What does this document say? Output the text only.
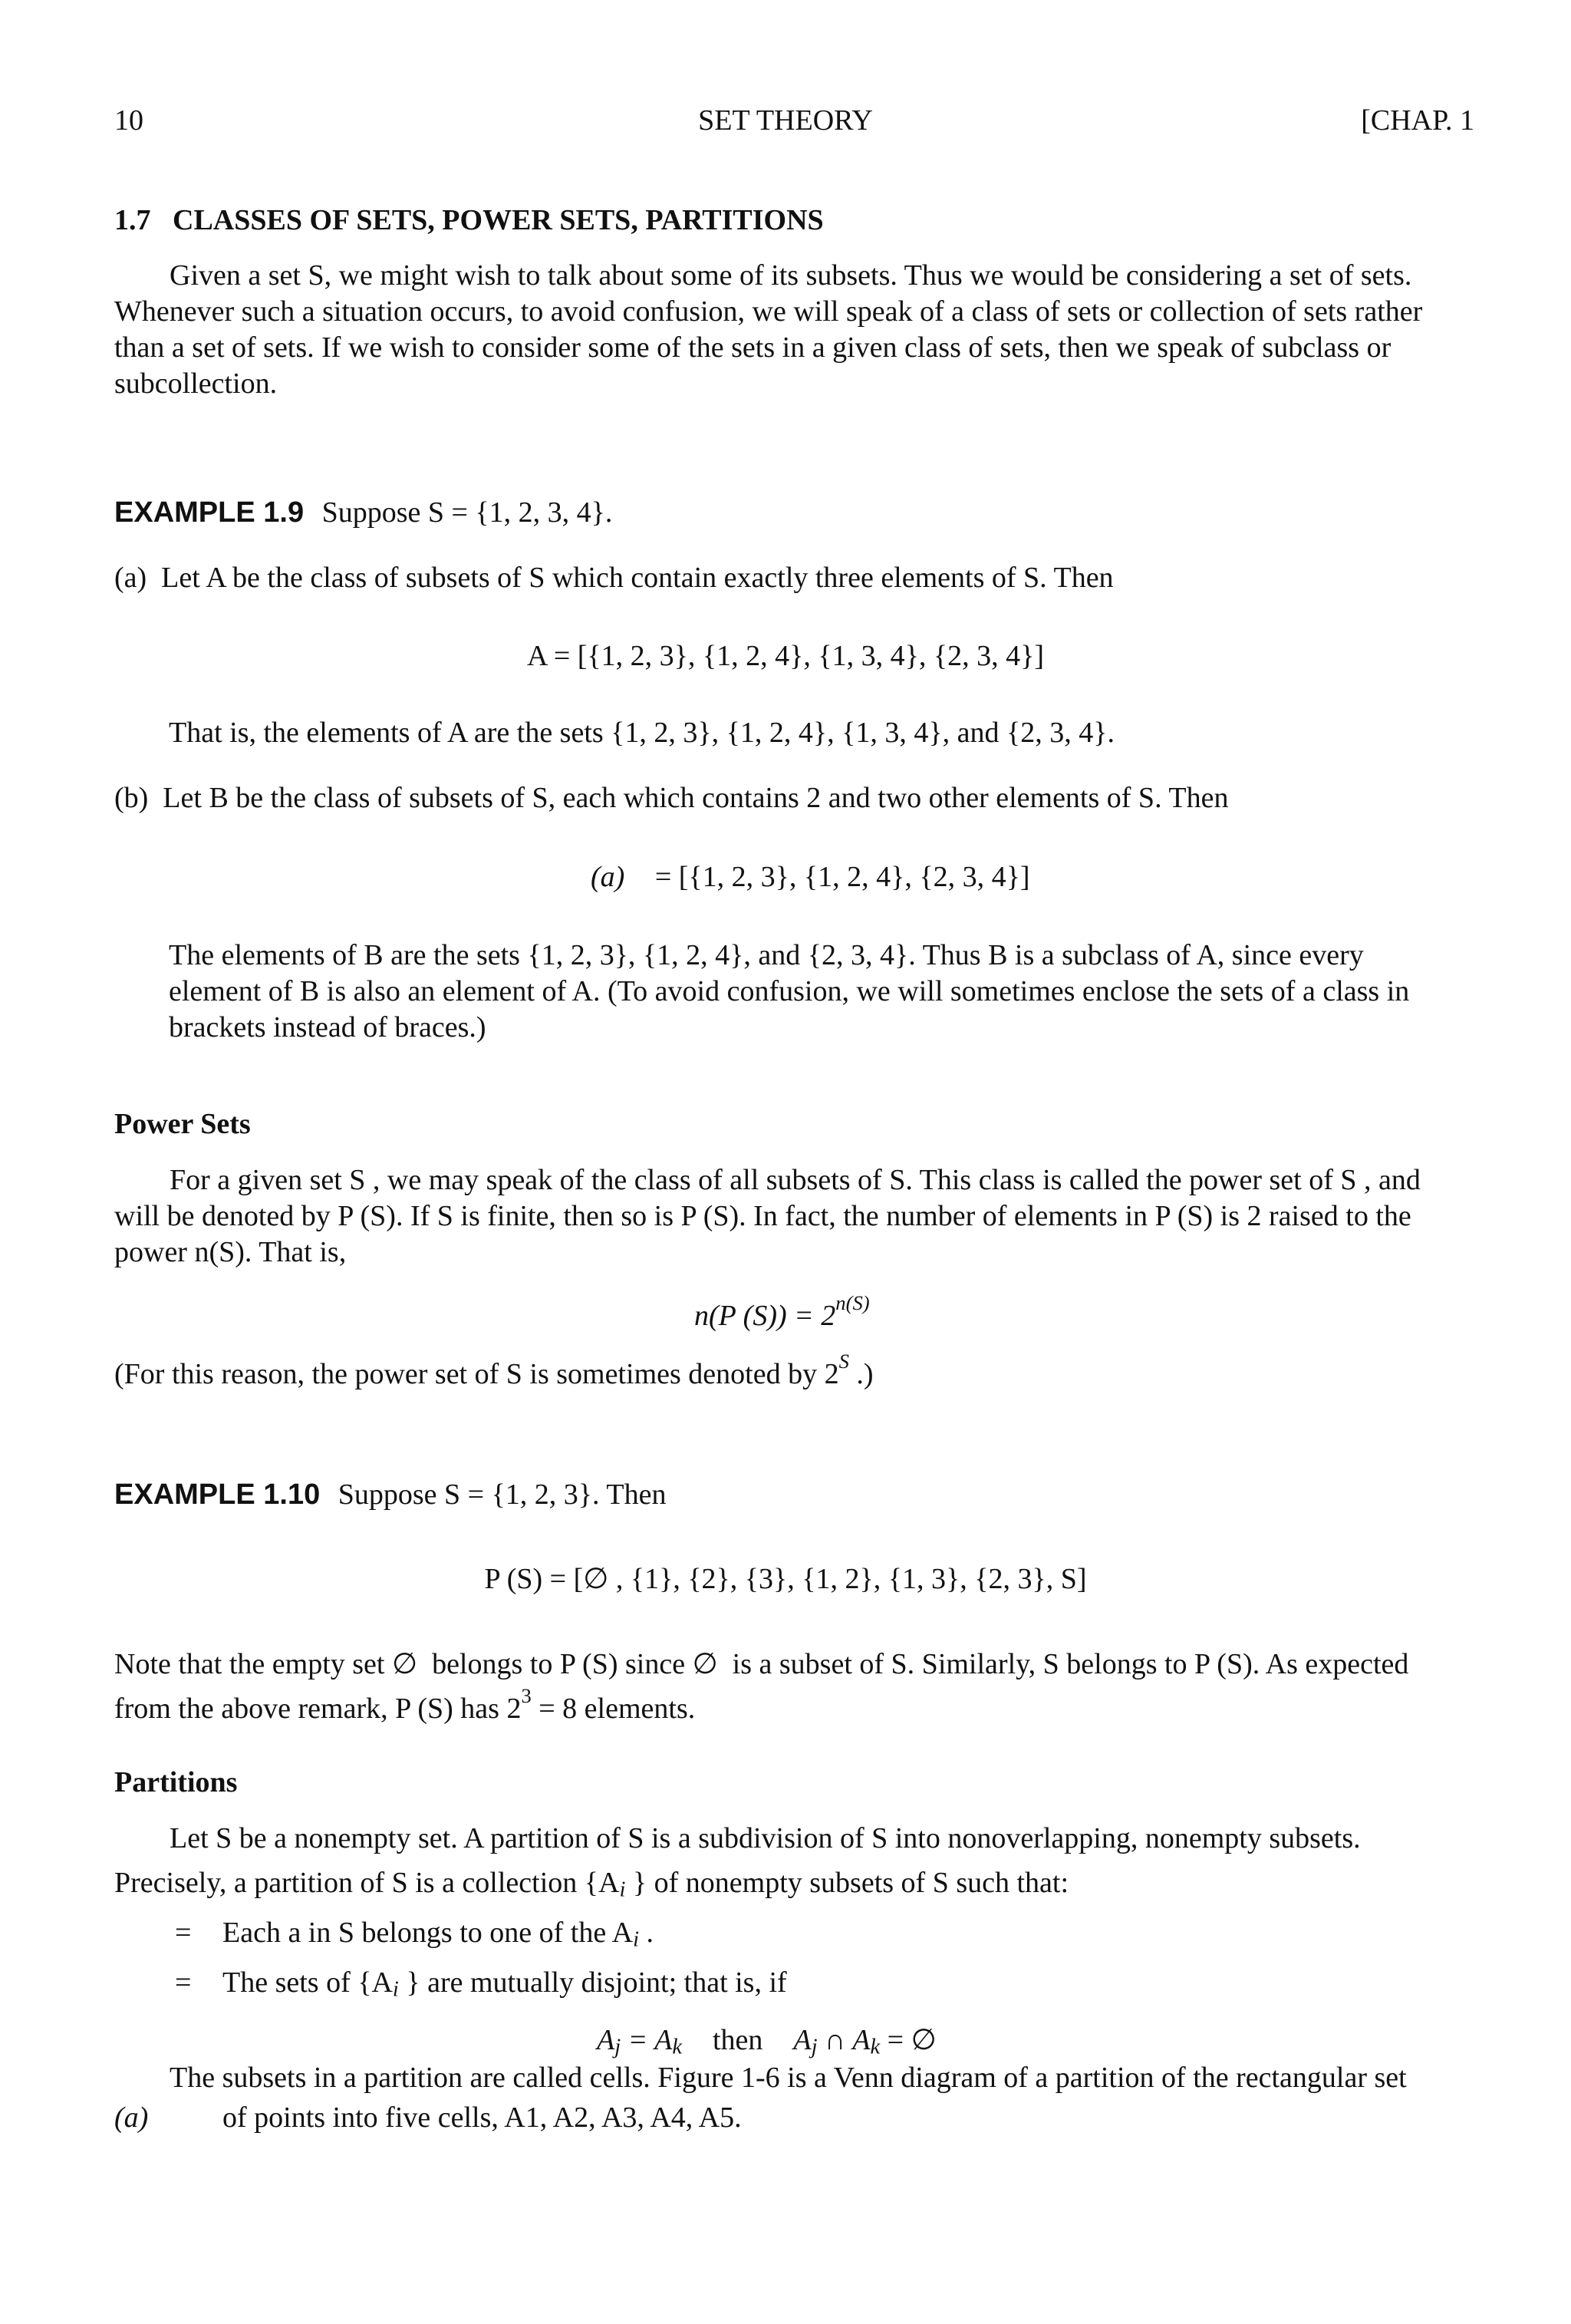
10	SET THEORY	[CHAP. 1
1.7   CLASSES OF SETS, POWER SETS, PARTITIONS
Given a set S, we might wish to talk about some of its subsets. Thus we would be considering a set of sets.
Whenever such a situation occurs, to avoid confusion, we will speak of a class of sets or collection of sets rather
than a set of sets. If we wish to consider some of the sets in a given class of sets, then we speak of subclass or
subcollection.
EXAMPLE 1.9 Suppose S = {1, 2, 3, 4}.
(a)  Let A be the class of subsets of S which contain exactly three elements of S. Then
A = [{1, 2, 3}, {1, 2, 4}, {1, 3, 4}, {2, 3, 4}]
That is, the elements of A are the sets {1, 2, 3}, {1, 2, 4}, {1, 3, 4}, and {2, 3, 4}.
(b)  Let B be the class of subsets of S, each which contains 2 and two other elements of S. Then
(a) = [{1, 2, 3}, {1, 2, 4}, {2, 3, 4}]
The elements of B are the sets {1, 2, 3}, {1, 2, 4}, and {2, 3, 4}. Thus B is a subclass of A, since every
element of B is also an element of A. (To avoid confusion, we will sometimes enclose the sets of a class in
brackets instead of braces.)
Power Sets
For a given set S , we may speak of the class of all subsets of S. This class is called the power set of S , and
will be denoted by P (S). If S is finite, then so is P (S). In fact, the number of elements in P (S) is 2 raised to the
power n(S). That is,
n(P $(S)) = 2^{n(S)}$
(For this reason, the power set of S is sometimes denoted by $2^S$ .)
EXAMPLE 1.10 Suppose S = {1, 2, 3}. Then
P (S) = [∅ , {1}, {2}, {3}, {1, 2}, {1, 3}, {2, 3}, S]
Note that the empty set ∅  belongs to P (S) since ∅  is a subset of S. Similarly, S belongs to P (S). As expected
from the above remark, P (S) has $2^3 = 8$ elements.
Partitions
Let S be a nonempty set. A partition of S is a subdivision of S into nonoverlapping, nonempty subsets.
Precisely, a partition of S is a collection {$A_i$ } of nonempty subsets of S such that:
= Each a in S belongs to one of the $A_i$ .
= The sets of {$A_i$ } are mutually disjoint; that is, if
$A_j = A_k$ then $A_j$ ∩ $A_k$ = ∅
The subsets in a partition are called cells. Figure 1-6 is a Venn diagram of a partition of the rectangular set
(a)	of points into five cells, A1, A2, A3, A4, A5.
